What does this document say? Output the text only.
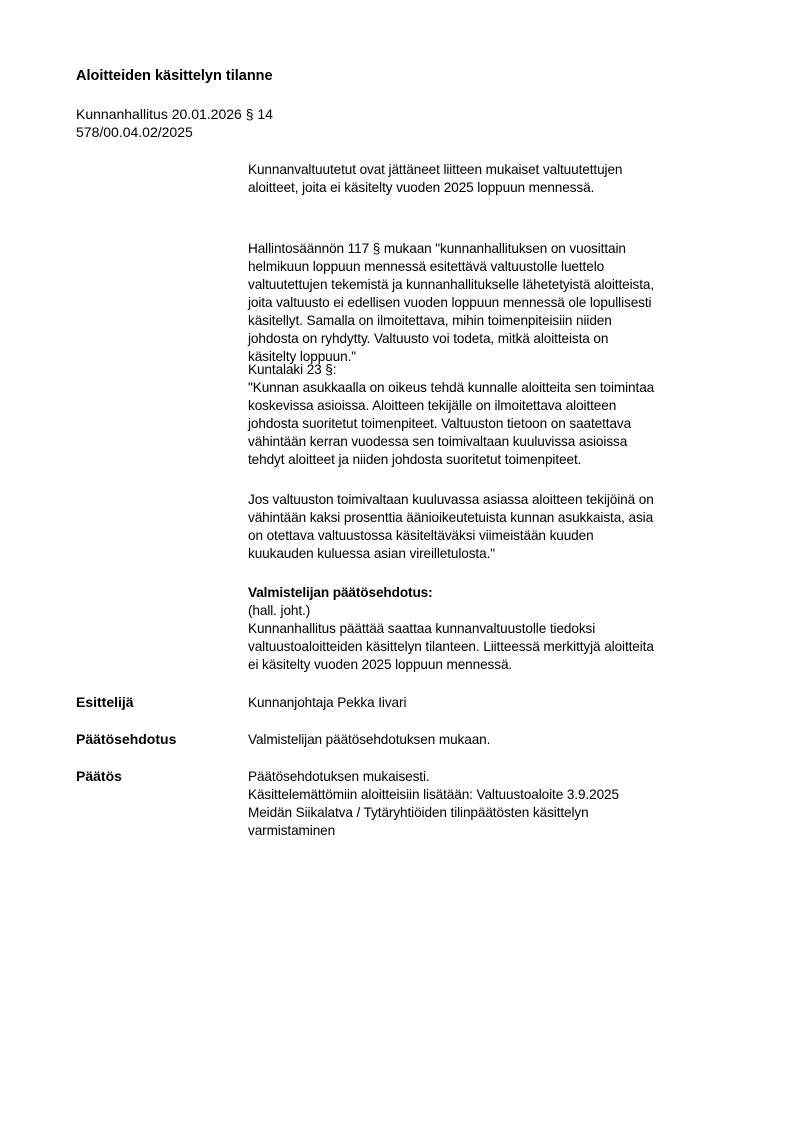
Aloitteiden käsittelyn tilanne
Kunnanhallitus 20.01.2026 § 14
578/00.04.02/2025
Kunnanvaltuutetut ovat jättäneet liitteen mukaiset valtuutettujen
aloitteet, joita ei käsitelty vuoden 2025 loppuun mennessä.
Hallintosäännön 117 § mukaan "kunnanhallituksen on vuosittain
helmikuun loppuun mennessä esitettävä valtuustolle luettelo
valtuutettujen tekemistä ja kunnanhallitukselle lähetetyistä aloitteista,
joita valtuusto ei edellisen vuoden loppuun mennessä ole lopullisesti
käsitellyt. Samalla on ilmoitettava, mihin toimenpiteisiin niiden
johdosta on ryhdytty. Valtuusto voi todeta, mitkä aloitteista on
käsitelty loppuun."
Kuntalaki 23 §:
"Kunnan asukkaalla on oikeus tehdä kunnalle aloitteita sen toimintaa
koskevissa asioissa. Aloitteen tekijälle on ilmoitettava aloitteen
johdosta suoritetut toimenpiteet. Valtuuston tietoon on saatettava
vähintään kerran vuodessa sen toimivaltaan kuuluvissa asioissa
tehdyt aloitteet ja niiden johdosta suoritetut toimenpiteet.
Jos valtuuston toimivaltaan kuuluvassa asiassa aloitteen tekijöinä on
vähintään kaksi prosenttia äänioikeutetuista kunnan asukkaista, asia
on otettava valtuustossa käsiteltäväksi viimeistään kuuden
kuukauden kuluessa asian vireilletulosta."
Valmistelijan päätösehdotus:
(hall. joht.)
Kunnanhallitus päättää saattaa kunnanvaltuustolle tiedoksi
valtuustoaloitteiden käsittelyn tilanteen. Liitteessä merkittyjä aloitteita
ei käsitelty vuoden 2025 loppuun mennessä.
Esittelijä	Kunnanjohtaja Pekka Iivari
Päätösehdotus	Valmistelijan päätösehdotuksen mukaan.
Päätös	Päätösehdotuksen mukaisesti.
Käsittelemättömiin aloitteisiin lisätään: Valtuustoaloite 3.9.2025
Meidän Siikalatva / Tytäryhtiöiden tilinpäätösten käsittelyn
varmistaminen
